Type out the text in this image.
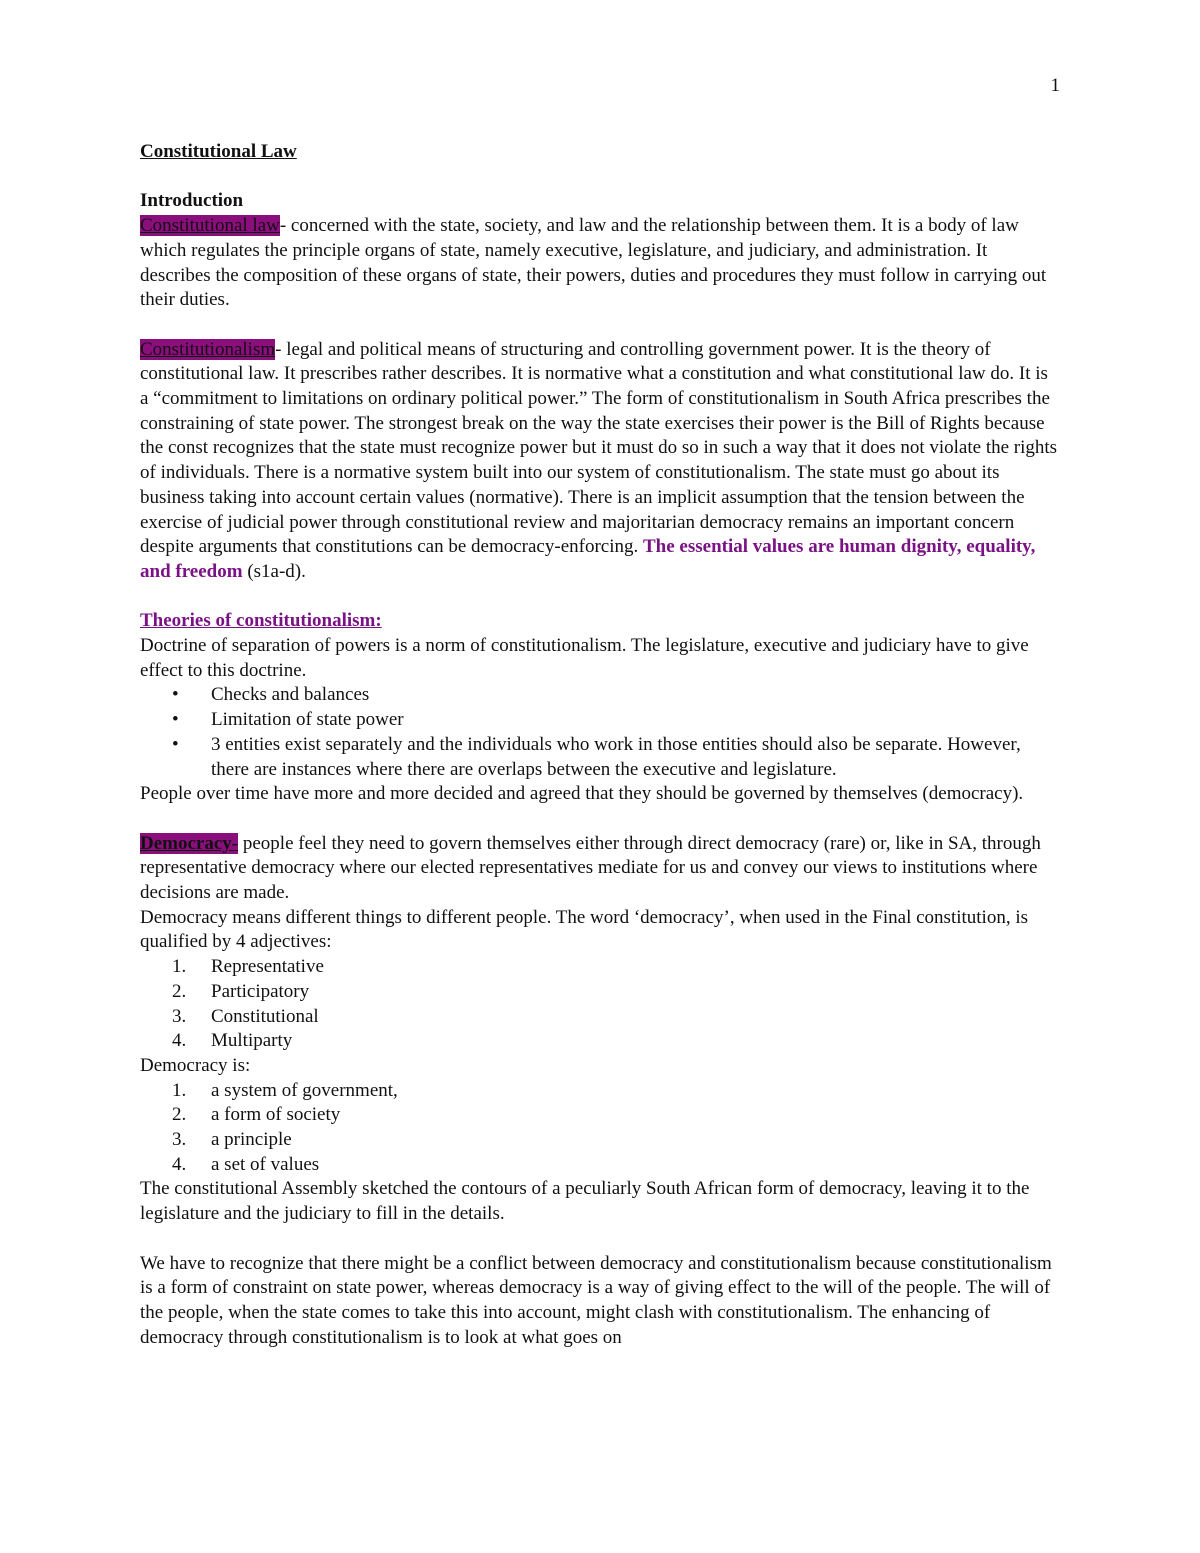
1

Constitutional Law

Introduction

Constitutional law- concerned with the state, society, and law and the relationship between them. It is a body of law which regulates the principle organs of state, namely executive, legislature, and judiciary, and administration. It describes the composition of these organs of state, their powers, duties and procedures they must follow in carrying out their duties.

Constitutionalism- legal and political means of structuring and controlling government power. It is the theory of constitutional law. It prescribes rather describes. It is normative what a constitution and what constitutional law do. It is a “commitment to limitations on ordinary political power.” The form of constitutionalism in South Africa prescribes the constraining of state power. The strongest break on the way the state exercises their power is the Bill of Rights because the const recognizes that the state must recognize power but it must do so in such a way that it does not violate the rights of individuals. There is a normative system built into our system of constitutionalism. The state must go about its business taking into account certain values (normative). There is an implicit assumption that the tension between the exercise of judicial power through constitutional review and majoritarian democracy remains an important concern despite arguments that constitutions can be democracy-enforcing. The essential values are human dignity, equality, and freedom (s1a-d).

Theories of constitutionalism:

Doctrine of separation of powers is a norm of constitutionalism. The legislature, executive and judiciary have to give effect to this doctrine.

• Checks and balances
• Limitation of state power
• 3 entities exist separately and the individuals who work in those entities should also be separate. However, there are instances where there are overlaps between the executive and legislature.

People over time have more and more decided and agreed that they should be governed by themselves (democracy).

Democracy- people feel they need to govern themselves either through direct democracy (rare) or, like in SA, through representative democracy where our elected representatives mediate for us and convey our views to institutions where decisions are made.

Democracy means different things to different people. The word ‘democracy’, when used in the Final constitution, is qualified by 4 adjectives:

1.	Representative
2.	Participatory
3.	Constitutional
4.	Multiparty

Democracy is:

1.	a system of government,
2.	a form of society
3.	a principle
4.	a set of values

The constitutional Assembly sketched the contours of a peculiarly South African form of democracy, leaving it to the legislature and the judiciary to fill in the details.

We have to recognize that there might be a conflict between democracy and constitutionalism because constitutionalism is a form of constraint on state power, whereas democracy is a way of giving effect to the will of the people. The will of the people, when the state comes to take this into account, might clash with constitutionalism. The enhancing of democracy through constitutionalism is to look at what goes on
